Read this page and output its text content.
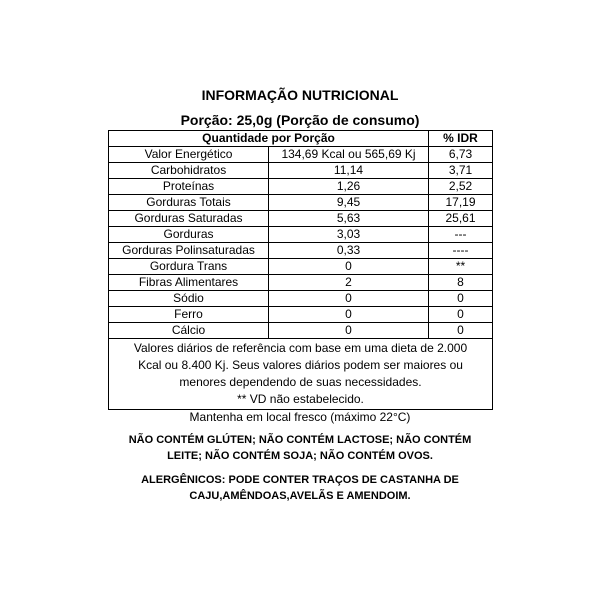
INFORMAÇÃO NUTRICIONAL
Porção: 25,0g (Porção de consumo)
Quantidade por Porção		% IDR
Valor Energético	134,69 Kcal ou 565,69 Kj	6,73
Carbohidratos	11,14	3,71
Proteínas	1,26	2,52
Gorduras Totais	9,45	17,19
Gorduras Saturadas	5,63	25,61
Gorduras	3,03	---
Gorduras Polinsaturadas	0,33	----
Gordura Trans	0	**
Fibras Alimentares	2	8
Sódio	0	0
Ferro	0	0
Cálcio	0	0

Valores diários de referência com base em uma dieta de 2.000
Kcal ou 8.400 Kj. Seus valores diários podem ser maiores ou
menores dependendo de suas necessidades.
** VD não estabelecido.		
Mantenha em local fresco (máximo 22°C)
NÃO CONTÉM GLÚTEN; NÃO CONTÉM LACTOSE; NÃO CONTÉM
LEITE; NÃO CONTÉM SOJA; NÃO CONTÉM OVOS.
ALERGÊNICOS: PODE CONTER TRAÇOS DE CASTANHA DE
CAJU,AMÊNDOAS,AVELÃS E AMENDOIM.
